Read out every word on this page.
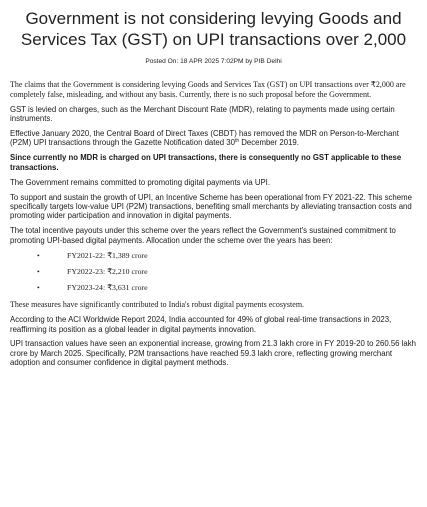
Government is not considering levying Goods and Services Tax (GST) on UPI transactions over 2,000
Posted On: 18 APR 2025 7:02PM by PIB Delhi

The claims that the Government is considering levying Goods and Services Tax (GST) on UPI transactions over ₹2,000 are completely false, misleading, and without any basis. Currently, there is no such proposal before the Government.

GST is levied on charges, such as the Merchant Discount Rate (MDR), relating to payments made using certain instruments.

Effective January 2020, the Central Board of Direct Taxes (CBDT) has removed the MDR on Person-to-Merchant (P2M) UPI transactions through the Gazette Notification dated 30th December 2019.

Since currently no MDR is charged on UPI transactions, there is consequently no GST applicable to these transactions.

The Government remains committed to promoting digital payments via UPI.

To support and sustain the growth of UPI, an Incentive Scheme has been operational from FY 2021-22. This scheme specifically targets low-value UPI (P2M) transactions, benefiting small merchants by alleviating transaction costs and promoting wider participation and innovation in digital payments.

The total incentive payouts under this scheme over the years reflect the Government's sustained commitment to promoting UPI-based digital payments. Allocation under the scheme over the years has been:

•	FY2021-22: ₹1,389 crore
•	FY2022-23: ₹2,210 crore
•	FY2023-24: ₹3,631 crore

These measures have significantly contributed to India's robust digital payments ecosystem.

According to the ACI Worldwide Report 2024, India accounted for 49% of global real-time transactions in 2023, reaffirming its position as a global leader in digital payments innovation.

UPI transaction values have seen an exponential increase, growing from 21.3 lakh crore in FY 2019-20 to 260.56 lakh crore by March 2025. Specifically, P2M transactions have reached 59.3 lakh crore, reflecting growing merchant adoption and consumer confidence in digital payment methods.
